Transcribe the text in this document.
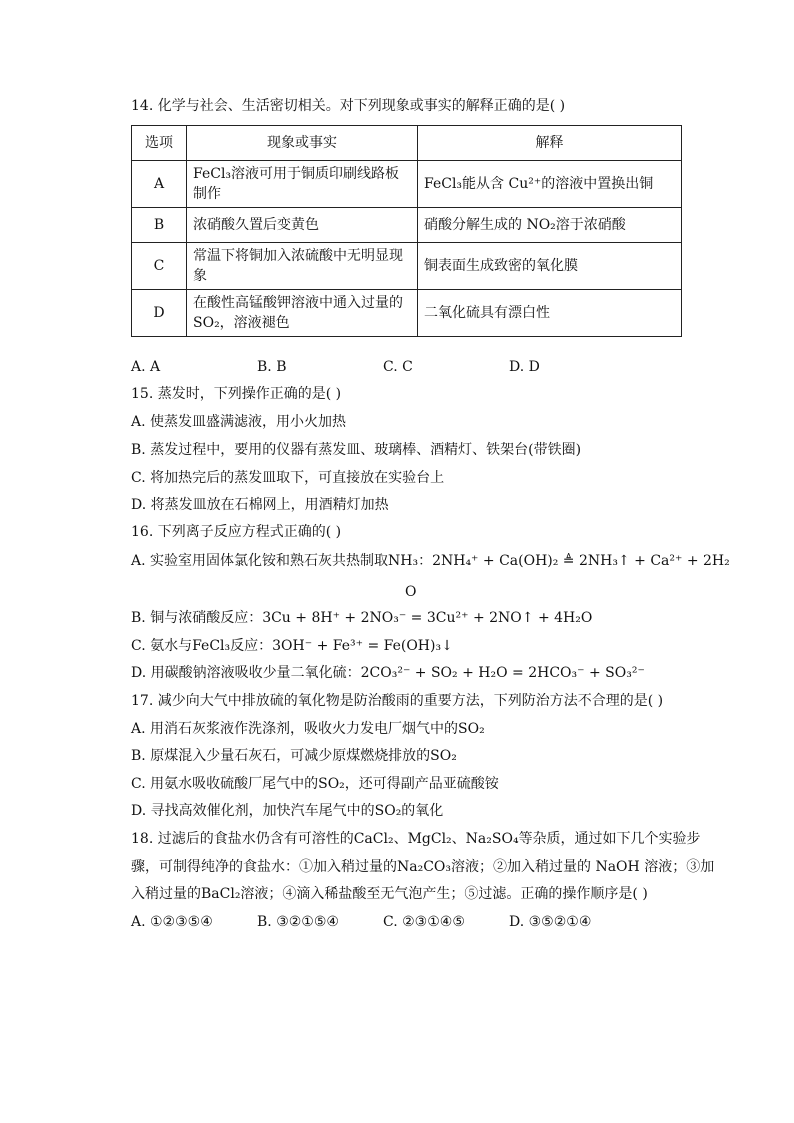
14. 化学与社会、生活密切相关。对下列现象或事实的解释正确的是( )
选项	现象或事实	解释
A	FeCl₃溶液可用于铜质印刷线路板制作	FeCl₃能从含 Cu²⁺的溶液中置换出铜
B	浓硝酸久置后变黄色	硝酸分解生成的 NO₂溶于浓硝酸
C	常温下将铜加入浓硫酸中无明显现象	铜表面生成致密的氧化膜
D	在酸性高锰酸钾溶液中通入过量的 SO₂，溶液褪色	二氧化硫具有漂白性
A. A	B. B	C. C	D. D
15. 蒸发时，下列操作正确的是( )
A. 使蒸发皿盛满滤液，用小火加热
B. 蒸发过程中，要用的仪器有蒸发皿、玻璃棒、酒精灯、铁架台(带铁圈)
C. 将加热完后的蒸发皿取下，可直接放在实验台上
D. 将蒸发皿放在石棉网上，用酒精灯加热
16. 下列离子反应方程式正确的( )
A. 实验室用固体氯化铵和熟石灰共热制取NH₃：2NH₄⁺ + Ca(OH)₂ ≜ 2NH₃↑ + Ca²⁺ + 2H₂
O
B. 铜与浓硝酸反应：3Cu + 8H⁺ + 2NO₃⁻ = 3Cu²⁺ + 2NO↑ + 4H₂O
C. 氨水与FeCl₃反应：3OH⁻ + Fe³⁺ = Fe(OH)₃↓
D. 用碳酸钠溶液吸收少量二氧化硫：2CO₃²⁻ + SO₂ + H₂O = 2HCO₃⁻ + SO₃²⁻
17. 减少向大气中排放硫的氧化物是防治酸雨的重要方法，下列防治方法不合理的是( )
A. 用消石灰浆液作洗涤剂，吸收火力发电厂烟气中的SO₂
B. 原煤混入少量石灰石，可减少原煤燃烧排放的SO₂
C. 用氨水吸收硫酸厂尾气中的SO₂，还可得副产品亚硫酸铵
D. 寻找高效催化剂，加快汽车尾气中的SO₂的氧化
18. 过滤后的食盐水仍含有可溶性的CaCl₂、MgCl₂、Na₂SO₄等杂质，通过如下几个实验步
骤，可制得纯净的食盐水：①加入稍过量的Na₂CO₃溶液；②加入稍过量的 NaOH 溶液；③加
入稍过量的BaCl₂溶液；④滴入稀盐酸至无气泡产生；⑤过滤。正确的操作顺序是( )
A. ①②③⑤④	B. ③②①⑤④	C. ②③①④⑤	D. ③⑤②①④
